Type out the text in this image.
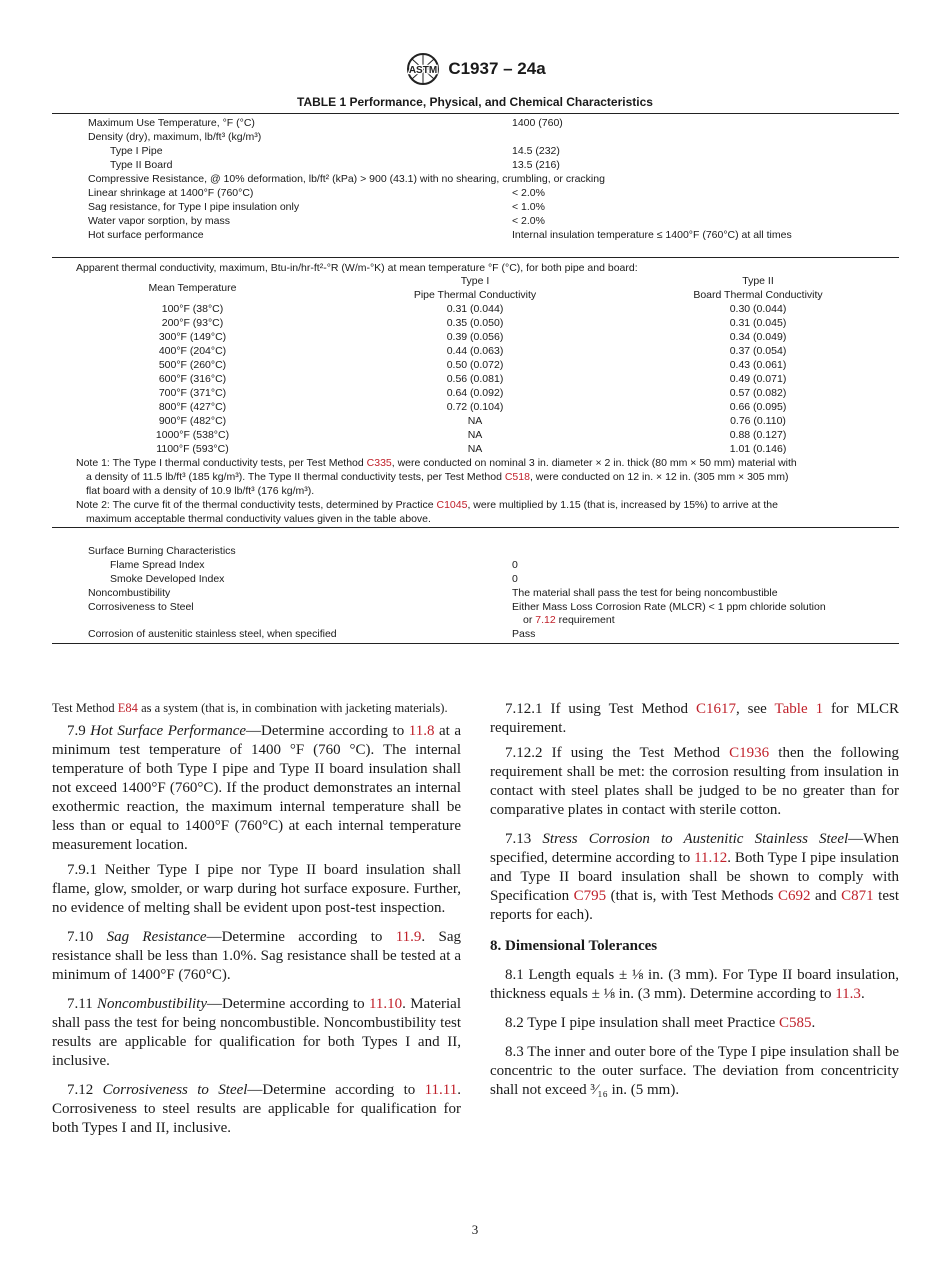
ASTM C1937 – 24a
TABLE 1 Performance, Physical, and Chemical Characteristics
Maximum Use Temperature, °F (°C)	1400 (760)
Density (dry), maximum, lb/ft³ (kg/m³)
Type I Pipe	14.5 (232)
Type II Board	13.5 (216)
Compressive Resistance, @ 10% deformation, lb/ft² (kPa) > 900 (43.1) with no shearing, crumbling, or cracking
Linear shrinkage at 1400°F (760°C)	< 2.0%
Sag resistance, for Type I pipe insulation only	< 1.0%
Water vapor sorption, by mass	< 2.0%
Hot surface performance	Internal insulation temperature ≤ 1400°F (760°C) at all times
Apparent thermal conductivity, maximum, Btu-in/hr-ft²-°R (W/m-°K) at mean temperature °F (°C), for both pipe and board:
Mean Temperature
Type I
Pipe Thermal Conductivity
Type II
Board Thermal Conductivity
100°F (38°C)	0.31 (0.044)	0.30 (0.044)
200°F (93°C)	0.35 (0.050)	0.31 (0.045)
300°F (149°C)	0.39 (0.056)	0.34 (0.049)
400°F (204°C)	0.44 (0.063)	0.37 (0.054)
500°F (260°C)	0.50 (0.072)	0.43 (0.061)
600°F (316°C)	0.56 (0.081)	0.49 (0.071)
700°F (371°C)	0.64 (0.092)	0.57 (0.082)
800°F (427°C)	0.72 (0.104)	0.66 (0.095)
900°F (482°C)	NA	0.76 (0.110)
1000°F (538°C)	NA	0.88 (0.127)
1100°F (593°C)	NA	1.01 (0.146)
Note 1: The Type I thermal conductivity tests, per Test Method C335, were conducted on nominal 3 in. diameter × 2 in. thick (80 mm × 50 mm) material with
a density of 11.5 lb/ft³ (185 kg/m³). The Type II thermal conductivity tests, per Test Method C518, were conducted on 12 in. × 12 in. (305 mm × 305 mm)
flat board with a density of 10.9 lb/ft³ (176 kg/m³).
Note 2: The curve fit of the thermal conductivity tests, determined by Practice C1045, were multiplied by 1.15 (that is, increased by 15%) to arrive at the
maximum acceptable thermal conductivity values given in the table above.
Surface Burning Characteristics
Flame Spread Index	0
Smoke Developed Index	0
Noncombustibility	The material shall pass the test for being noncombustible
Corrosiveness to Steel	Either Mass Loss Corrosion Rate (MLCR) < 1 ppm chloride solution
or 7.12 requirement
Corrosion of austenitic stainless steel, when specified	Pass

Test Method E84 as a system (that is, in combination with jacketing materials).

7.9 Hot Surface Performance—Determine according to 11.8 at a minimum test temperature of 1400 °F (760 °C). The internal temperature of both Type I pipe and Type II board insulation shall not exceed 1400°F (760°C). If the product demonstrates an internal exothermic reaction, the maximum internal temperature shall be less than or equal to 1400°F (760°C) at each internal temperature measurement location.

7.9.1 Neither Type I pipe nor Type II board insulation shall flame, glow, smolder, or warp during hot surface exposure. Further, no evidence of melting shall be evident upon post-test inspection.

7.10 Sag Resistance—Determine according to 11.9. Sag resistance shall be less than 1.0%. Sag resistance shall be tested at a minimum of 1400°F (760°C).

7.11 Noncombustibility—Determine according to 11.10. Material shall pass the test for being noncombustible. Noncombustibility test results are applicable for qualification for both Types I and II, inclusive.

7.12 Corrosiveness to Steel—Determine according to 11.11. Corrosiveness to steel results are applicable for qualification for both Types I and II, inclusive.

7.12.1 If using Test Method C1617, see Table 1 for MLCR requirement.

7.12.2 If using the Test Method C1936 then the following requirement shall be met: the corrosion resulting from insulation in contact with steel plates shall be judged to be no greater than for comparative plates in contact with sterile cotton.

7.13 Stress Corrosion to Austenitic Stainless Steel—When specified, determine according to 11.12. Both Type I pipe insulation and Type II board insulation shall be shown to comply with Specification C795 (that is, with Test Methods C692 and C871 test reports for each).

8. Dimensional Tolerances

8.1 Length equals ± ⅛ in. (3 mm). For Type II board insulation, thickness equals ± ⅛ in. (3 mm). Determine according to 11.3.

8.2 Type I pipe insulation shall meet Practice C585.

8.3 The inner and outer bore of the Type I pipe insulation shall be concentric to the outer surface. The deviation from concentricity shall not exceed ³⁄₁₆ in. (5 mm).

3
